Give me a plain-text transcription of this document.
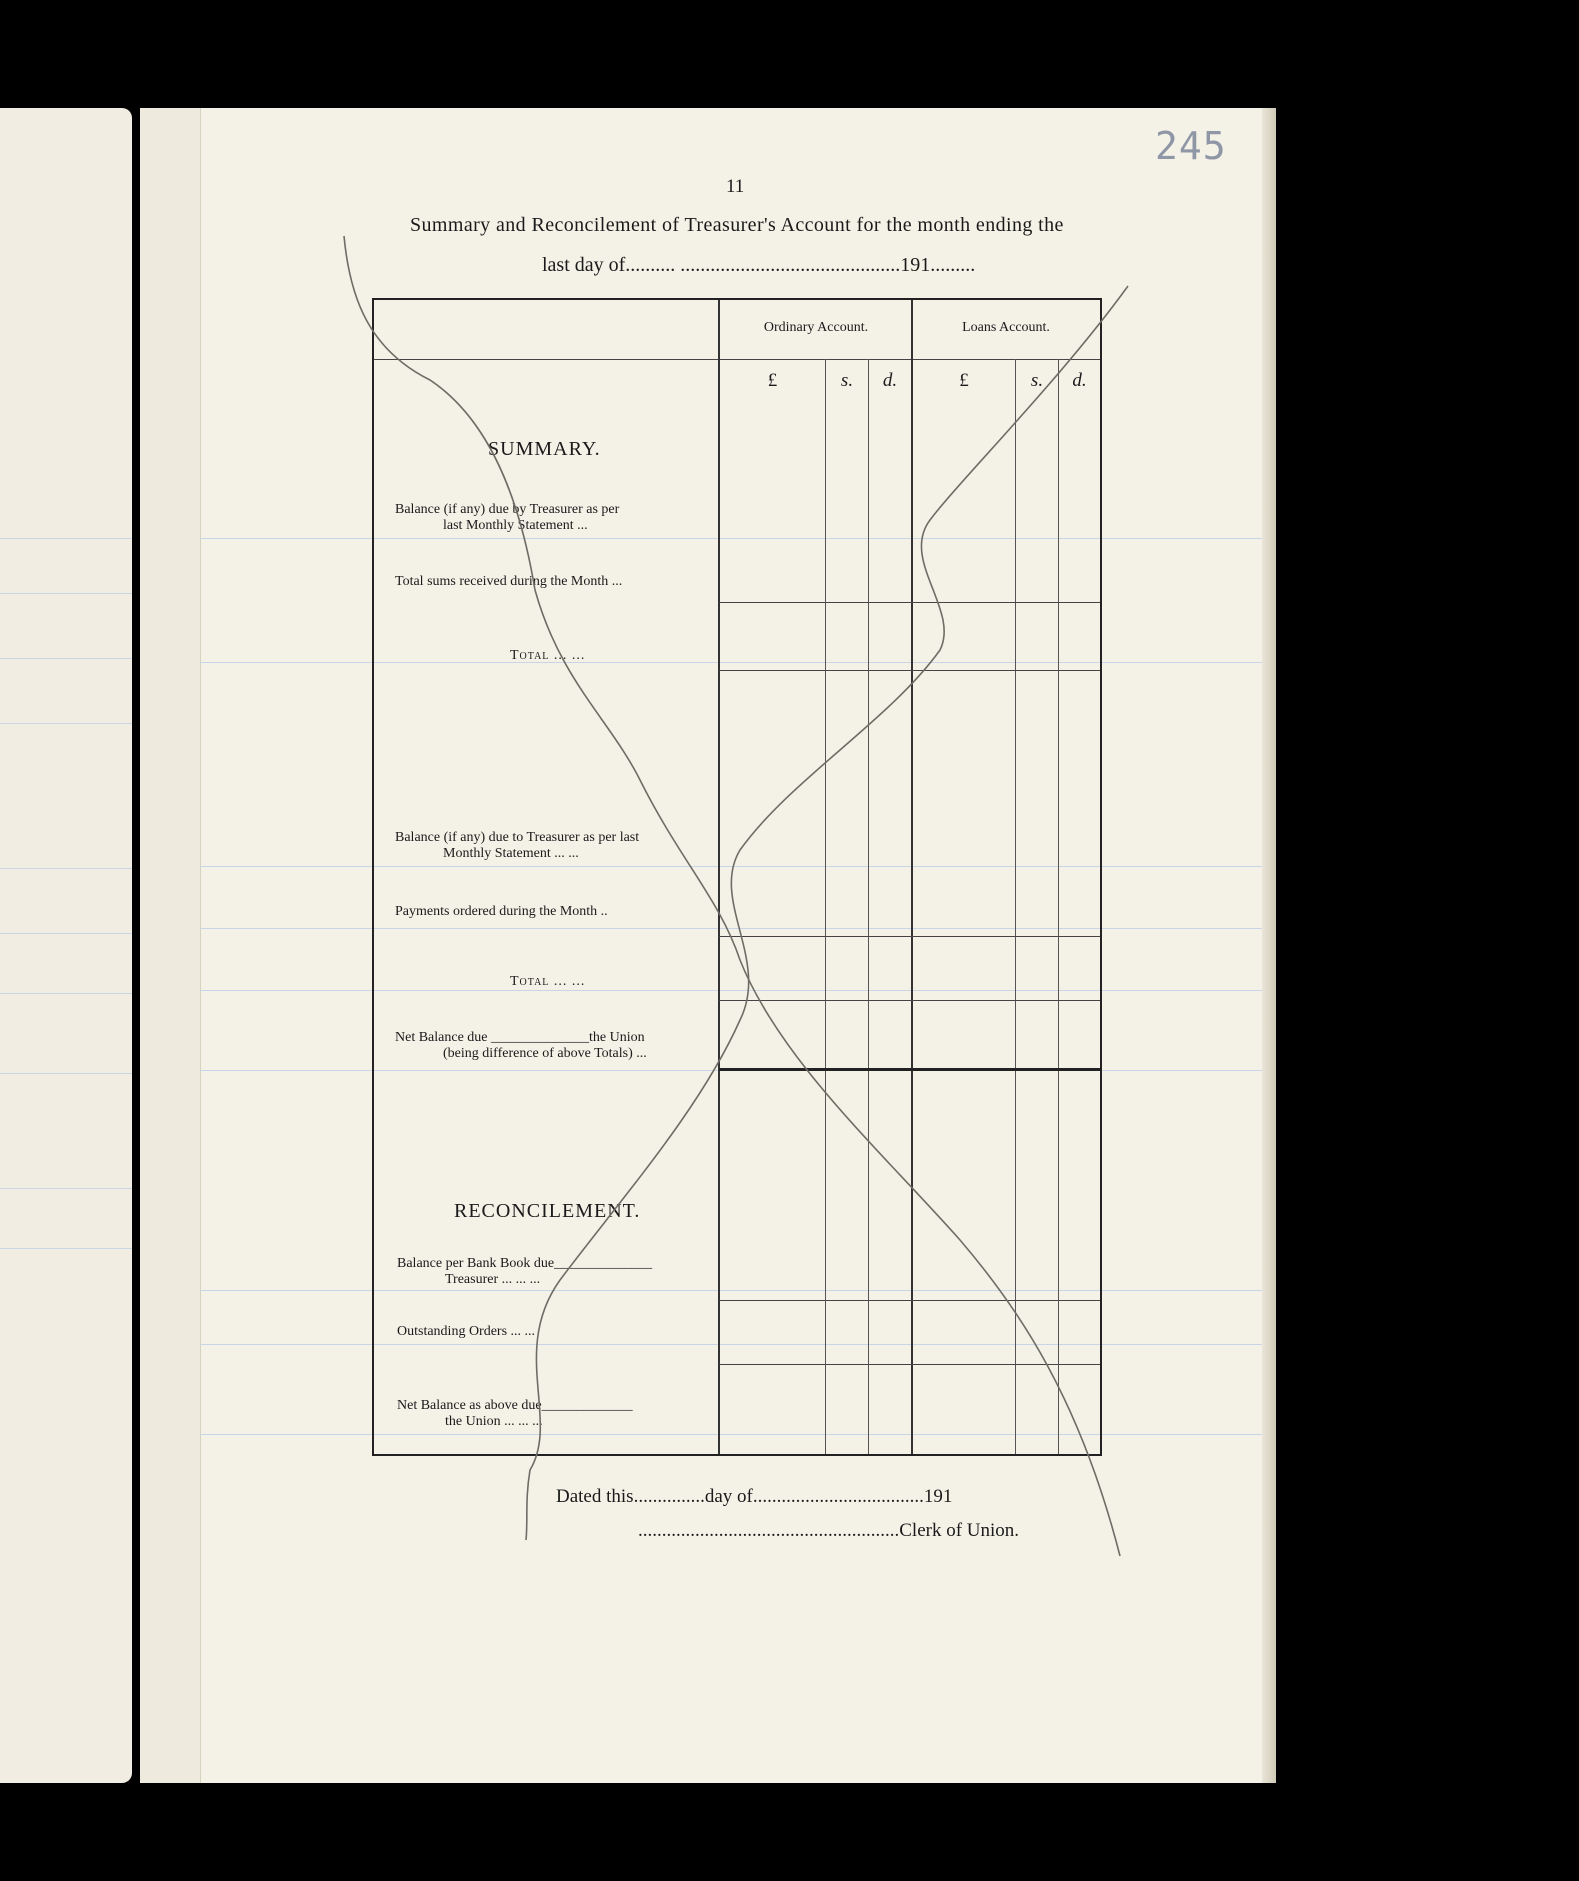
245
11
Summary and Reconcilement of Treasurer's Account for the month ending the
last day of.......... ............................................191.........
Ordinary Account.	Loans Account.
£	s.	d.	£	s.	d.
SUMMARY.
Balance (if any) due by Treasurer as per
last Monthly Statement ...
Total sums received during the Month ...
Total ... ...
Balance (if any) due to Treasurer as per last
Monthly Statement ... ...
Payments ordered during the Month ..
Total ... ...
Net Balance due ______________the Union
(being difference of above Totals) ...
RECONCILEMENT.
Balance per Bank Book due______________
Treasurer ... ... ...
Outstanding Orders ... ...
Net Balance as above due_____________
the Union ... ... ...
Dated this...............day of....................................191
.......................................................Clerk of Union.
